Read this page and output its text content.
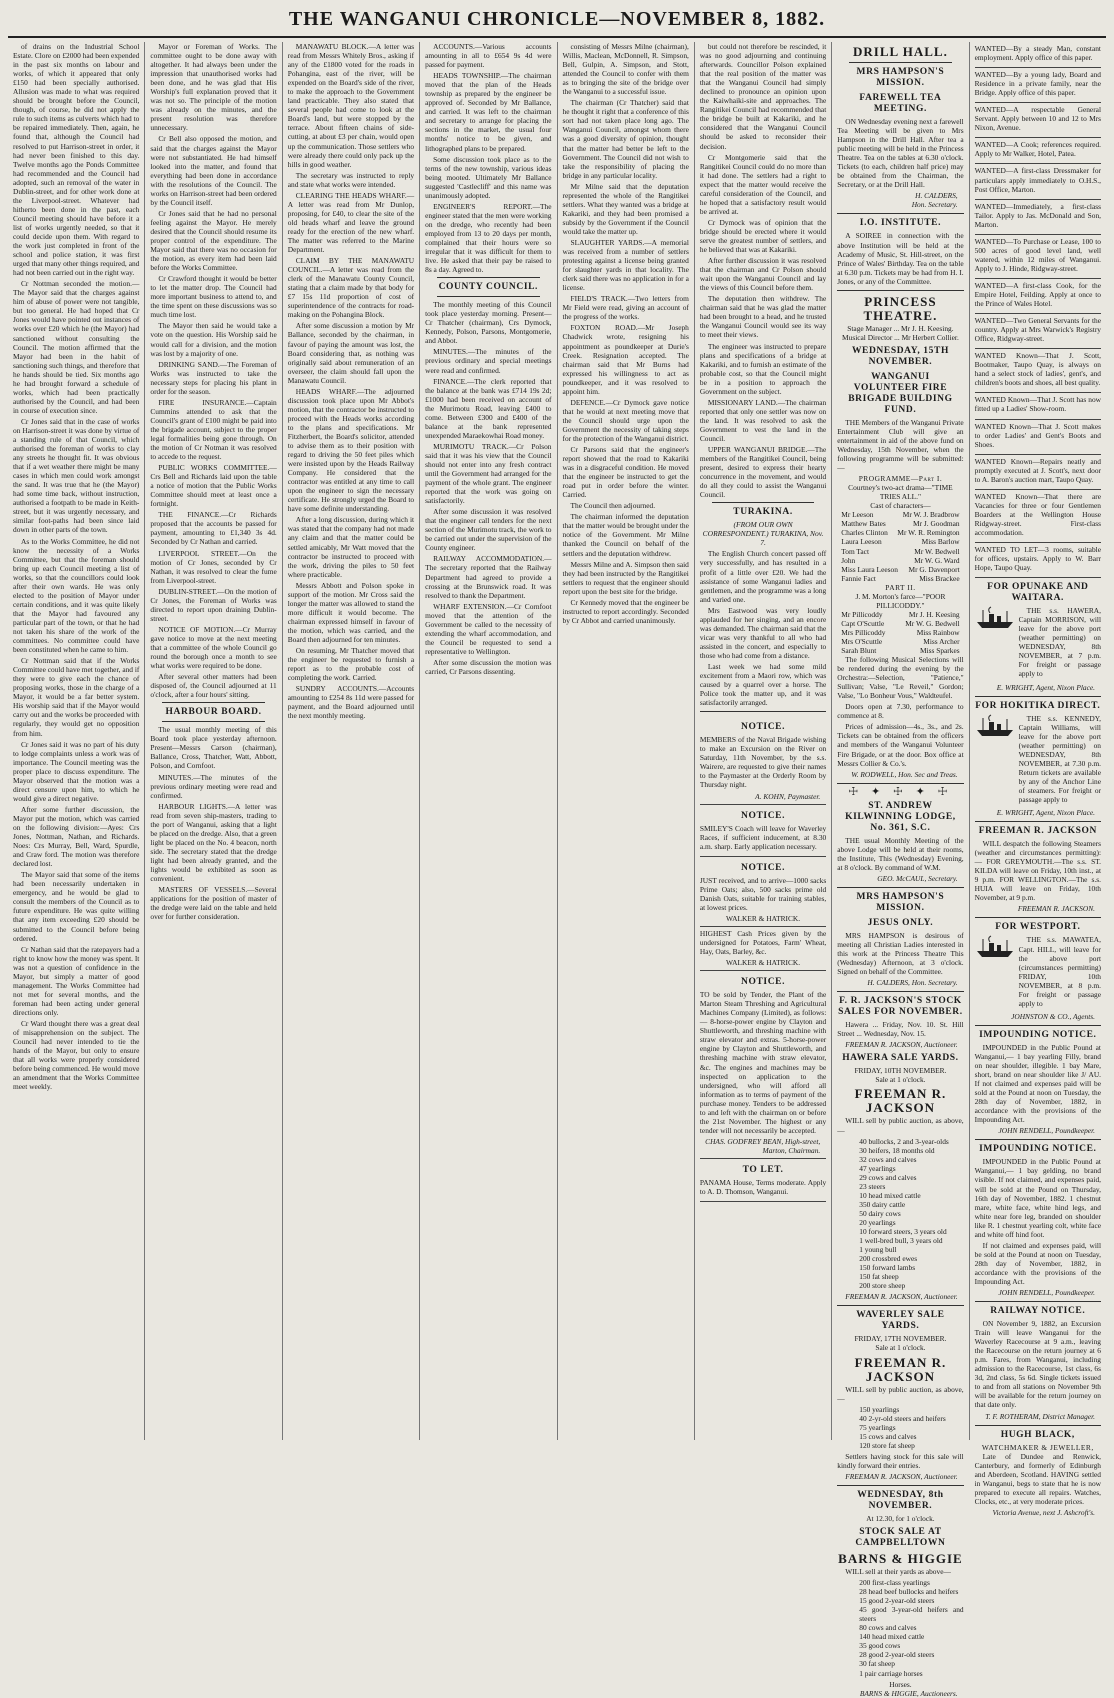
THE WANGANUI CHRONICLE—NOVEMBER 8, 1882.

of drains on the Industrial School Estate. Clore on £2000 had been expended in the past six months on labour and works, of which it appeared that only £150 had been specially authorised. Allusion was made to what was required should be brought before the Council, though, of course, he did not apply the rule to such items as culverts which had to be repaired immediately. Then, again, he found that, although the Council had resolved to put Harrison-street in order, it had never been finished to this day. Twelve months ago the Ponds Committee had recommended and the Council had adopted, such an removal of the water in Dublin-street, and for other work done at the Liverpool-street. Whatever had hitherto been done in the past, each Council meeting should have before it a list of works urgently needed, so that it could decide upon them. With regard to the work just completed in front of the school and police station, it was first urged that many other things required, and had not been carried out in the right way.

Cr Nottman seconded the motion.—The Mayor said that the charges against him of abuse of power were not tangible, but too general. He had hoped that Cr Jones would have pointed out instances of works over £20 which he (the Mayor) had sanctioned without consulting the Council. The motion affirmed that the Mayor had been in the habit of sanctioning such things, and therefore that he hands should be tied. Six months ago he had brought forward a schedule of works, which had been practically authorised by the Council, and had been in course of execution since.

Cr Jones said that in the case of works on Harrison-street it was done by virtue of a standing rule of that Council, which authorised the foreman of works to clay any streets he thought fit. It was obvious that if a wet weather there might be many cases in which men could work amongst the sand. It was true that he (the Mayor) had some time back, without instruction, authorised a footpath to be made in Keith-street, but it was urgently necessary, and similar foot-paths had been since laid down in other parts of the town.

As to the Works Committee, he did not know the necessity of a Works Committee, but that the foreman should bring up each Council meeting a list of works, so that the councillors could look after their own wards. He was only elected to the position of Mayor under certain conditions, and it was quite likely that the Mayor had favoured any particular part of the town, or that he had not taken his share of the work of the committees. No committee could have been constituted when he came to him.

Cr Nottman said that if the Works Committee could have met together, and if they were to give each the chance of proposing works, those in the charge of a Mayor, it would be a far better system. His worship said that if the Mayor would carry out and the works be proceeded with regularly, they would get no opposition from him.

Cr Jones said it was no part of his duty to lodge complaints unless a work was of importance. The Council meeting was the proper place to discuss expenditure. The Mayor observed that the motion was a direct censure upon him, to which he would give a direct negative.

After some further discussion, the Mayor put the motion, which was carried on the following division:—Ayes: Crs Jones, Nottman, Nathan, and Richards. Noes: Crs Murray, Bell, Ward, Spurdle, and Craw ford. The motion was therefore declared lost.

The Mayor said that some of the items had been necessarily undertaken in emergency, and he would be glad to consult the members of the Council as to future expenditure. He was quite willing that any item exceeding £20 should be submitted to the Council before being ordered.

Cr Nathan said that the ratepayers had a right to know how the money was spent. It was not a question of confidence in the Mayor, but simply a matter of good management. The Works Committee had not met for several months, and the foreman had been acting under general directions only.

Cr Ward thought there was a great deal of misapprehension on the subject. The Council had never intended to tie the hands of the Mayor, but only to ensure that all works were properly considered before being commenced. He would move an amendment that the Works Committee meet weekly.

Mayor or Foreman of Works. The committee ought to be done away with altogether. It had always been under the impression that unauthorised works had been done, and he was glad that His Worship's full explanation proved that it was not so. The principle of the motion was already on the minutes, and the present resolution was therefore unnecessary.

Cr Bell also opposed the motion, and said that the charges against the Mayor were not substantiated. He had himself looked into the matter, and found that everything had been done in accordance with the resolutions of the Council. The works on Harrison-street had been ordered by the Council itself.

Cr Jones said that he had no personal feeling against the Mayor. He merely desired that the Council should resume its proper control of the expenditure. The Mayor said that there was no occasion for the motion, as every item had been laid before the Works Committee.

Cr Crawford thought it would be better to let the matter drop. The Council had more important business to attend to, and the time spent on these discussions was so much time lost.

The Mayor then said he would take a vote on the question. His Worship said he would call for a division, and the motion was lost by a majority of one.

DRINKING SAND.—The Foreman of Works was instructed to take the necessary steps for placing his plant in order for the season.

FIRE INSURANCE.—Captain Cummins attended to ask that the Council's grant of £100 might be paid into the brigade account, subject to the proper legal formalities being gone through. On the motion of Cr Notman it was resolved to accede to the request.

PUBLIC WORKS COMMITTEE.—Crs Bell and Richards laid upon the table a notice of motion that the Public Works Committee should meet at least once a fortnight.

THE FINANCE.—Cr Richards proposed that the accounts be passed for payment, amounting to £1,340 3s 4d. Seconded by Cr Nathan and carried.

LIVERPOOL STREET.—On the motion of Cr Jones, seconded by Cr Nathan, it was resolved to clear the fume from Liverpool-street.

DUBLIN-STREET.—On the motion of Cr Jones, the Foreman of Works was directed to report upon draining Dublin-street.

NOTICE OF MOTION.—Cr Murray gave notice to move at the next meeting that a committee of the whole Council go round the borough once a month to see what works were required to be done.

After several other matters had been disposed of, the Council adjourned at 11 o'clock, after a four hours' sitting.

HARBOUR BOARD.

The usual monthly meeting of this Board took place yesterday afternoon. Present—Messrs Carson (chairman), Ballance, Cross, Thatcher, Watt, Abbott, Polson, and Cornfoot.

MINUTES.—The minutes of the previous ordinary meeting were read and confirmed.

HARBOUR LIGHTS.—A letter was read from seven ship-masters, trading to the port of Wanganui, asking that a light be placed on the dredge. Also, that a green light be placed on the No. 4 beacon, north side. The secretary stated that the dredge light had been already granted, and the lights would be exhibited as soon as convenient.

MASTERS OF VESSELS.—Several applications for the position of master of the dredge were laid on the table and held over for further consideration.

MANAWATU BLOCK.—A letter was read from Messrs Whitely Bros., asking if any of the £1800 voted for the roads in Pohangina, east of the river, will be expended on the Board's side of the river, to make the approach to the Government land practicable. They also stated that several people had come to look at the Board's land, but were stopped by the terrace. About fifteen chains of side-cutting, at about £3 per chain, would open up the communication. Those settlers who were already there could only pack up the hills in good weather.

The secretary was instructed to reply and state what works were intended.

CLEARING THE HEADS WHARF.—A letter was read from Mr Dunlop, proposing, for £40, to clear the site of the old heads wharf and leave the ground ready for the erection of the new wharf. The matter was referred to the Marine Department.

CLAIM BY THE MANAWATU COUNCIL.—A letter was read from the clerk of the Manawatu County Council, stating that a claim made by that body for £7 15s 11d proportion of cost of superintendence of the contracts for road-making on the Pohangina Block.

After some discussion a motion by Mr Ballance, seconded by the chairman, in favour of paying the amount was lost, the Board considering that, as nothing was originally said about remuneration of an overseer, the claim should fall upon the Manawatu Council.

HEADS WHARF.—The adjourned discussion took place upon Mr Abbot's motion, that the contractor be instructed to proceed with the Heads works according to the plans and specifications. Mr Fitzherbert, the Board's solicitor, attended to advise them as to their position with regard to driving the 50 feet piles which were insisted upon by the Heads Railway Company. He considered that the contractor was entitled at any time to call upon the engineer to sign the necessary certificate. He strongly urged the Board to have some definite understanding.

After a long discussion, during which it was stated that the company had not made any claim and that the matter could be settled amicably, Mr Watt moved that the contractor be instructed to proceed with the work, driving the piles to 50 feet where practicable.

Messrs Abbott and Polson spoke in support of the motion. Mr Cross said the longer the matter was allowed to stand the more difficult it would become. The chairman expressed himself in favour of the motion, which was carried, and the Board then adjourned for ten minutes.

On resuming, Mr Thatcher moved that the engineer be requested to furnish a report as to the probable cost of completing the work. Carried.

SUNDRY ACCOUNTS.—Accounts amounting to £254 8s 11d were passed for payment, and the Board adjourned until the next monthly meeting.

ACCOUNTS.—Various accounts amounting in all to £654 9s 4d were passed for payment.

HEADS TOWNSHIP.—The chairman moved that the plan of the Heads township as prepared by the engineer be approved of. Seconded by Mr Ballance, and carried. It was left to the chairman and secretary to arrange for placing the sections in the market, the usual four months' notice to be given, and lithographed plans to be prepared.

Some discussion took place as to the terms of the new township, various ideas being mooted. Ultimately Mr Ballance suggested 'Castlecliff' and this name was unanimously adopted.

ENGINEER'S REPORT.—The engineer stated that the men were working on the dredge, who recently had been employed from 13 to 20 days per month, complained that their hours were so irregular that it was difficult for them to live. He asked that their pay be raised to 8s a day. Agreed to.

COUNTY COUNCIL.

The monthly meeting of this Council took place yesterday morning. Present—Cr Thatcher (chairman), Crs Dymock, Kennedy, Polson, Parsons, Montgomerie, and Abbot.

MINUTES.—The minutes of the previous ordinary and special meetings were read and confirmed.

FINANCE.—The clerk reported that the balance at the bank was £714 19s 2d; £1000 had been received on account of the Murimotu Road, leaving £400 to come. Between £300 and £400 of the balance at the bank represented unexpended Maraekowhai Road money.

MURIMOTU TRACK.—Cr Polson said that it was his view that the Council should not enter into any fresh contract until the Government had arranged for the payment of the whole grant. The engineer reported that the work was going on satisfactorily.

After some discussion it was resolved that the engineer call tenders for the next section of the Murimotu track, the work to be carried out under the supervision of the County engineer.

RAILWAY ACCOMMODATION.—The secretary reported that the Railway Department had agreed to provide a crossing at the Brunswick road. It was resolved to thank the Department.

WHARF EXTENSION.—Cr Cornfoot moved that the attention of the Government be called to the necessity of extending the wharf accommodation, and the Council be requested to send a representative to Wellington.

After some discussion the motion was carried, Cr Parsons dissenting.

consisting of Messrs Milne (chairman), Willis, Maclean, McDonnell, R. Simpson, Bell, Gulpin, A. Simpson, and Stott, attended the Council to confer with them as to bringing the site of the bridge over the Wanganui to a successful issue.

The chairman (Cr Thatcher) said that he thought it right that a conference of this sort had not taken place long ago. The Wanganui Council, amongst whom there was a good diversity of opinion, thought that the matter had better be left to the Government. The Council did not wish to take the responsibility of placing the bridge in any particular locality.

Mr Milne said that the deputation represented the whole of the Rangitikei settlers. What they wanted was a bridge at Kakariki, and they had been promised a subsidy by the Government if the Council would take the matter up.

SLAUGHTER YARDS.—A memorial was received from a number of settlers protesting against a license being granted for slaughter yards in that locality. The clerk said there was no application in for a license.

FIELD'S TRACK.—Two letters from Mr Field were read, giving an account of the progress of the works.

FOXTON ROAD.—Mr Joseph Chadwick wrote, resigning his appointment as poundkeeper at Durie's Creek. Resignation accepted. The chairman said that Mr Burns had expressed his willingness to act as poundkeeper, and it was resolved to appoint him.

DEFENCE.—Cr Dymock gave notice that he would at next meeting move that the Council should urge upon the Government the necessity of taking steps for the protection of the Wanganui district.

Cr Parsons said that the engineer's report showed that the road to Kakariki was in a disgraceful condition. He moved that the engineer be instructed to get the road put in order before the winter. Carried.

The Council then adjourned.

The chairman informed the deputation that the matter would be brought under the notice of the Government. Mr Milne thanked the Council on behalf of the settlers and the deputation withdrew.

Messrs Milne and A. Simpson then said they had been instructed by the Rangitikei settlers to request that the engineer should report upon the best site for the bridge.

Cr Kennedy moved that the engineer be instructed to report accordingly. Seconded by Cr Abbot and carried unanimously.

but could not therefore be rescinded, it was no good adjourning and continuing afterwards. Councillor Polson explained that the real position of the matter was that the Wanganui Council had simply declined to pronounce an opinion upon the Kaiwhaiki-site and approaches. The Rangitikei Council had recommended that the bridge be built at Kakariki, and he considered that the Wanganui Council should be asked to reconsider their decision.

Cr Montgomerie said that the Rangitikei Council could do no more than it had done. The settlers had a right to expect that the matter would receive the careful consideration of the Council, and he hoped that a satisfactory result would be arrived at.

Cr Dymock was of opinion that the bridge should be erected where it would serve the greatest number of settlers, and he believed that was at Kakariki.

After further discussion it was resolved that the chairman and Cr Polson should wait upon the Wanganui Council and lay the views of this Council before them.

The deputation then withdrew. The chairman said that he was glad the matter had been brought to a head, and he trusted the Wanganui Council would see its way to meet their views.

The engineer was instructed to prepare plans and specifications of a bridge at Kakariki, and to furnish an estimate of the probable cost, so that the Council might be in a position to approach the Government on the subject.

MISSIONARY LAND.—The chairman reported that only one settler was now on the land. It was resolved to ask the Government to vest the land in the Council.

UPPER WANGANUI BRIDGE.—The members of the Rangitikei Council, being present, desired to express their hearty concurrence in the movement, and would do all they could to assist the Wanganui Council.

TURAKINA.
(FROM OUR OWN CORRESPONDENT.) TURAKINA, Nov. 7.

The English Church concert passed off very successfully, and has resulted in a profit of a little over £20. We had the assistance of some Wanganui ladies and gentlemen, and the programme was a long and varied one.

Mrs Eastwood was very loudly applauded for her singing, and an encore was demanded. The chairman said that the vicar was very thankful to all who had assisted in the concert, and especially to those who had come from a distance.

Last week we had some mild excitement from a Maori row, which was caused by a quarrel over a horse. The Police took the matter up, and it was satisfactorily arranged.

NOTICE.

MEMBERS of the Naval Brigade wishing to make an Excursion on the River on Saturday, 11th November, by the s.s. Wairere, are requested to give their names to the Paymaster at the Orderly Room by Thursday night.

A. KOHN, Paymaster.
NOTICE.

SMILEY'S Coach will leave for Waverley Races, if sufficient inducement, at 8.30 a.m. sharp. Early application necessary.

NOTICE.

JUST received, and to arrive—1000 sacks Prime Oats; also, 500 sacks prime old Danish Oats, suitable for training stables, at lowest prices.

WALKER & HATRICK.

HIGHEST Cash Prices given by the undersigned for Potatoes, Farm' Wheat, Hay, Oats, Barley, &c.

WALKER & HATRICK.
NOTICE.

TO be sold by Tender, the Plant of the Marton Steam Threshing and Agricultural Machines Company (Limited), as follows:— 8-horse-power engine by Clayton and Shuttleworth, and threshing machine with straw elevator and extras. 5-horse-power engine by Clayton and Shuttleworth, and threshing machine with straw elevator, &c. The engines and machines may be inspected on application to the undersigned, who will afford all information as to terms of payment of the purchase money. Tenders to be addressed to and left with the chairman on or before the 21st November. The highest or any tender will not necessarily be accepted.

CHAS. GODFREY BEAN, High-street, Marton, Chairman.
TO LET.

PANAMA House, Terms moderate. Apply to A. D. Thomson, Wanganui.

DRILL HALL.
MRS HAMPSON'S MISSION.
FAREWELL TEA MEETING.

ON Wednesday evening next a farewell Tea Meeting will be given to Mrs Hampson in the Drill Hall. After tea a public meeting will be held in the Princess Theatre. Tea on the tables at 6.30 o'clock. Tickets (to each, children half price) may be obtained from the Chairman, the Secretary, or at the Drill Hall.

H. CALDERS,
Hon. Secretary.
I.O. INSTITUTE.

A SOIREE in connection with the above Institution will be held at the Academy of Music, St. Hill-street, on the Prince of Wales' Birthday. Tea on the table at 6.30 p.m. Tickets may be had from H. I. Jones, or any of the Committee.

PRINCESS THEATRE.

Stage Manager ... Mr J. H. Keesing. Musical Director ... Mr Herbert Collier.

WEDNESDAY, 15TH NOVEMBER.
WANGANUI VOLUNTEER FIRE BRIGADE BUILDING FUND.

THE Members of the Wanganui Private Entertainment Club will give an entertainment in aid of the above fund on Wednesday, 15th November, when the following programme will be submitted:—

PROGRAMME—Part I.
Courtney's two-act drama—"TIME TRIES ALL."
Cast of characters—
Mr Leeson	Mr W. J. Bradbrow
Matthew Bates	Mr J. Goodman
Charles Clinton Mr W. R. Remington
Laura Leeson	Miss Barlow
Tom Tact	Mr W. Bedwell
John	Mr W. G. Ward
Miss Laura Leeson Mr G. Davenport
Fannie Fact	Miss Brackee
PART II.
J. M. Morton's farce—"POOR PILLICODDY."
Mr Pillicoddy	Mr J. H. Keesing
Capt O'Scuttle	Mr W. G. Bedwell
Mrs Pillicoddy	Miss Rainbow
Mrs O'Scuttle	Miss Archer
Sarah Blunt	Miss Sparkes

The following Musical Selections will be rendered during the evening by the Orchestra:—Selection, "Patience," Sullivan; Valse, "Le Reveil," Gordon; Valse, "Lo Bonheur Vous," Waldteufel.

Doors open at 7.30, performance to commence at 8.

Prices of admission—4s., 3s., and 2s. Tickets can be obtained from the officers and members of the Wanganui Volunteer Fire Brigade, or at the door. Box office at Messrs Collier & Co.'s.

W. RODWELL, Hon. Sec and Treas.
☩ ✦ ☩ ✦ ☩
ST. ANDREW KILWINNING LODGE, No. 361, S.C.

THE usual Monthly Meeting of the above Lodge will be held at their rooms, the Institute, This (Wednesday) Evening, at 8 o'clock. By command of W.M.

GEO. McCAUL, Secretary.
MRS HAMPSON'S MISSION.
JESUS ONLY.

MRS HAMPSON is desirous of meeting all Christian Ladies interested in this work at the Princess Theatre This (Wednesday) Afternoon, at 3 o'clock. Signed on behalf of the Committee.

H. CALDERS, Hon. Secretary.
F. R. JACKSON'S STOCK SALES FOR NOVEMBER.

Hawera ... Friday, Nov. 10. St. Hill Street ... Wednesday, Nov. 15.

FREEMAN R. JACKSON, Auctioneer.
HAWERA SALE YARDS.
FRIDAY, 10TH NOVEMBER.
Sale at 1 o'clock.
FREEMAN R. JACKSON

WILL sell by public auction, as above,—

40 bullocks, 2 and 3-year-olds
30 heifers, 18 months old
32 cows and calves
47 yearlings
29 cows and calves
23 steers
10 head mixed cattle
350 dairy cattle
50 dairy cows
20 yearlings
10 forward steers, 3 years old
1 well-bred bull, 3 years old
1 young bull
200 crossbred ewes
150 forward lambs
150 fat sheep
200 store sheep
FREEMAN R. JACKSON, Auctioneer.
WAVERLEY SALE YARDS.
FRIDAY, 17TH NOVEMBER.
Sale at 1 o'clock.
FREEMAN R. JACKSON

WILL sell by public auction, as above,—

150 yearlings
40 2-yr-old steers and heifers
75 yearlings
15 cows and calves
120 store fat sheep

Settlers having stock for this sale will kindly forward their entries.

FREEMAN R. JACKSON, Auctioneer.
WEDNESDAY, 8th NOVEMBER.
At 12.30, for 1 o'clock.
STOCK SALE AT CAMPBELLTOWN
BARNS & HIGGIE

WILL sell at their yards as above—

200 first-class yearlings
28 head beef bullocks and heifers
15 good 2-year-old steers
45 good 3-year-old heifers and steers
80 cows and calves
140 head mixed cattle
35 good cows
28 good 2-year-old steers
30 fat sheep
1 pair carriage horses
Horses.
BARNS & HIGGIE, Auctioneers.

WANTED—By a steady Man, constant employment. Apply office of this paper.

WANTED—By a young lady, Board and Residence in a private family, near the Bridge. Apply office of this paper.

WANTED—A respectable General Servant. Apply between 10 and 12 to Mrs Nixon, Avenue.

WANTED—A Cook; references required. Apply to Mr Walker, Hotel, Patea.

WANTED—A first-class Dressmaker for particulars apply immediately to O.H.S., Post Office, Marton.

WANTED—Immediately, a first-class Tailor. Apply to Jas. McDonald and Son, Marton.

WANTED—To Purchase or Lease, 100 to 500 acres of good level land, well watered, within 12 miles of Wanganui. Apply to J. Hinde, Ridgway-street.

WANTED—A first-class Cook, for the Empire Hotel, Feilding. Apply at once to the Prince of Wales Hotel.

WANTED—Two General Servants for the country. Apply at Mrs Warwick's Registry Office, Ridgway-street.

WANTED Known—That J. Scott, Bootmaker, Taupo Quay, is always on hand a select stock of ladies', gent's, and children's boots and shoes, all best quality.

WANTED Known—That J. Scott has now fitted up a Ladies' Show-room.

WANTED Known—That J. Scott makes to order Ladies' and Gent's Boots and Shoes.

WANTED Known—Repairs neatly and promptly executed at J. Scott's, next door to A. Baron's auction mart, Taupo Quay.

WANTED Known—That there are Vacancies for three or four Gentlemen Boarders at the Wellington House Ridgway-street. First-class accommodation.

WANTED TO LET—3 rooms, suitable for offices, upstairs. Apply to W. Barr Hope, Taupo Quay.

FOR OPUNAKE AND WAITARA.

THE s.s. HAWERA, Captain MORRISON, will leave for the above port (weather permitting) on WEDNESDAY, 8th NOVEMBER, at 7 p.m. For freight or passage apply to

E. WRIGHT, Agent, Nixon Place.
FOR HOKITIKA DIRECT.

THE s.s. KENNEDY, Captain Williams, will leave for the above port (weather permitting) on WEDNESDAY, 8th NOVEMBER, at 7.30 p.m. Return tickets are available by any of the Anchor Line of steamers. For freight or passage apply to

E. WRIGHT, Agent, Nixon Place.
FREEMAN R. JACKSON

WILL despatch the following Steamers (weather and circumstances permitting):— FOR GREYMOUTH.—The s.s. ST. KILDA will leave on Friday, 10th inst., at 9 p.m. FOR WELLINGTON.—The s.s. HUIA will leave on Friday, 10th November, at 9 p.m.

FREEMAN R. JACKSON.
FOR WESTPORT.

THE s.s. MAWATEA, Capt. HILL, will leave for the above port (circumstances permitting) FRIDAY, 10th NOVEMBER, at 8 p.m. For freight or passage apply to

JOHNSTON & CO., Agents.
IMPOUNDING NOTICE.

IMPOUNDED in the Public Pound at Wanganui,— 1 bay yearling Filly, brand on near shoulder, illegible. 1 bay Mare, short, brand on near shoulder like J/ AU. If not claimed and expenses paid will be sold at the Pound at noon on Tuesday, the 28th day of November, 1882, in accordance with the provisions of the Impounding Act.

JOHN RENDELL, Poundkeeper.
IMPOUNDING NOTICE.

IMPOUNDED in the Public Pound at Wanganui,— 1 bay gelding, no brand visible. If not claimed, and expenses paid, will be sold at the Pound on Thursday, 16th day of November, 1882. 1 chestnut mare, white face, white hind legs, and white near fore leg, branded on shoulder like R. 1 chestnut yearling colt, white face and white off hind foot.

If not claimed and expenses paid, will be sold at the Pound at noon on Tuesday, 28th day of November, 1882, in accordance with the provisions of the Impounding Act.

JOHN RENDELL, Poundkeeper.
RAILWAY NOTICE.

ON November 9, 1882, an Excursion Train will leave Wanganui for the Waverley Racecourse at 9 a.m., leaving the Racecourse on the return journey at 6 p.m. Fares, from Wanganui, including admission to the Racecourse, 1st class, 6s 3d, 2nd class, 5s 6d. Single tickets issued to and from all stations on November 9th will be available for the return journey on that date only.

T. F. ROTHERAM, District Manager.
HUGH BLACK,
WATCHMAKER & JEWELLER,

Late of Dundee and Renwick, Canterbury, and formerly of Edinburgh and Aberdeen, Scotland. HAVING settled in Wanganui, begs to state that he is now prepared to execute all repairs. Watches, Clocks, etc., at very moderate prices.

Victoria Avenue, next J. Ashcroft's.
